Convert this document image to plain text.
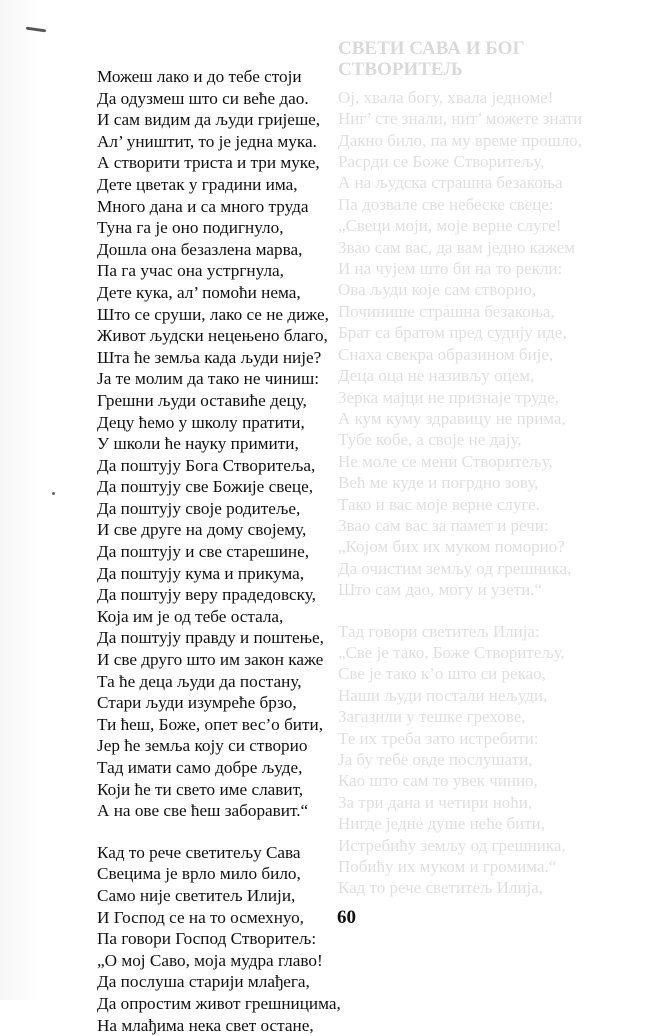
СВЕТИ САВА И БОГ СТВОРИТЕЉ
Ој, хвала богу, хвала једноме!
Ниг’ сте знали, нит’ можете знати
Дакно било, па му време прошло,
Расрди се Боже Створитељу,
А на људска страшна безакоња
Па дозвале све небеске свеце:
„Свеци моји, моје верне слуге!
Звао сам вас, да вам једно кажем
И на чујем што би на то рекли:
Ова људи које сам створио,
Починише страшна безакоња,
Брат са братом пред судију иде,
Снаха свекра образином бије,
Деца оца не називљу оцем,
Зерка мајци не признаје труде,
А кум куму здравицу не прима,
Тубе кобе, а своје не дају,
Не моле се мени Створитељу,
Већ ме куде и погрдно зову,
Тако и вас моје верне слуге.
Звао сам вас за памет и речи:
„Којом бих их муком поморио?
Да очистим земљу од грешника,
Што сам дао, могу и узети.“
Тад говори светитељ Илија:
„Све је тако, Боже Створитељу,
Све је тако к’о што си рекао,
Наши људи постали нељуди,
Загазили у тешке грехове,
Те их треба зато истребити:
Ја бу тебе овде послушати,
Као што сам то увек чинио,
За три дана и четири ноћи,
Нигде једне душе неће бити,
Истребићу земљу од грешника,
Побићу их муком и громима.“
Кад то рече светитељ Илија,
Можеш лако и до тебе стоји
Да одузмеш што си веће дао.
И сам видим да људи гријеше,
Ал’ уништит, то је једна мука.
А створити триста и три муке,
Дете цветак у градини има,
Много дана и са много труда
Туна га је оно подигнуло,
Дошла она безазлена марва,
Па га учас она устргнула,
Дете кука, ал’ помоћи нема,
Што се сруши, лако се не диже,
Живот људски нецењено благо,
Шта ће земља када људи није?
Ја те молим да тако не чиниш:
Грешни људи оставиће децу,
Децу ћемо у школу пратити,
У школи ће науку примити,
Да поштују Бога Створитеља,
Да поштују све Божије свеце,
Да поштују своје родитеље,
И све друге на дому својему,
Да поштују и све старешине,
Да поштују кума и прикума,
Да поштују веру прадедовску,
Која им је од тебе остала,
Да поштују правду и поштење,
И све друго што им закон каже
Та ће деца људи да постану,
Стари људи изумреће брзо,
Ти ћеш, Боже, опет вес’о бити,
Јер ће земља коју си створио
Тад имати само добре људе,
Који ће ти свето име славит,
А на ове све ћеш заборавит.“
Кад то рече светитељу Сава
Свецима је врло мило било,
Само није светитељ Илији,
И Господ се на то осмехнуо,
Па говори Господ Створитељ:
„О мој Саво, моја мудра главо!
Да послуша старији млађега,
Да опростим живот грешницима,
На млађима нека свет остане,
60
